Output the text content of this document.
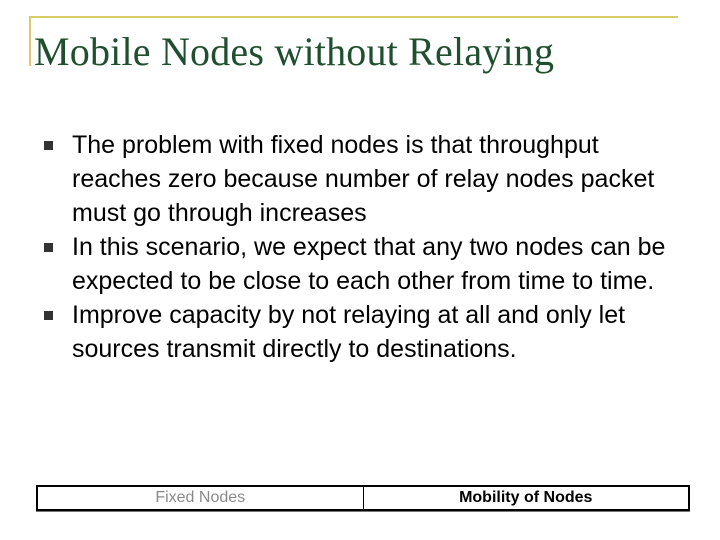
Mobile Nodes without Relaying
The problem with fixed nodes is that throughput reaches zero because number of relay nodes packet must go through increases
In this scenario, we expect that any two nodes can be expected to be close to each other from time to time.
Improve capacity by not relaying at all and only let sources transmit directly to destinations.
Fixed Nodes	Mobility of Nodes
